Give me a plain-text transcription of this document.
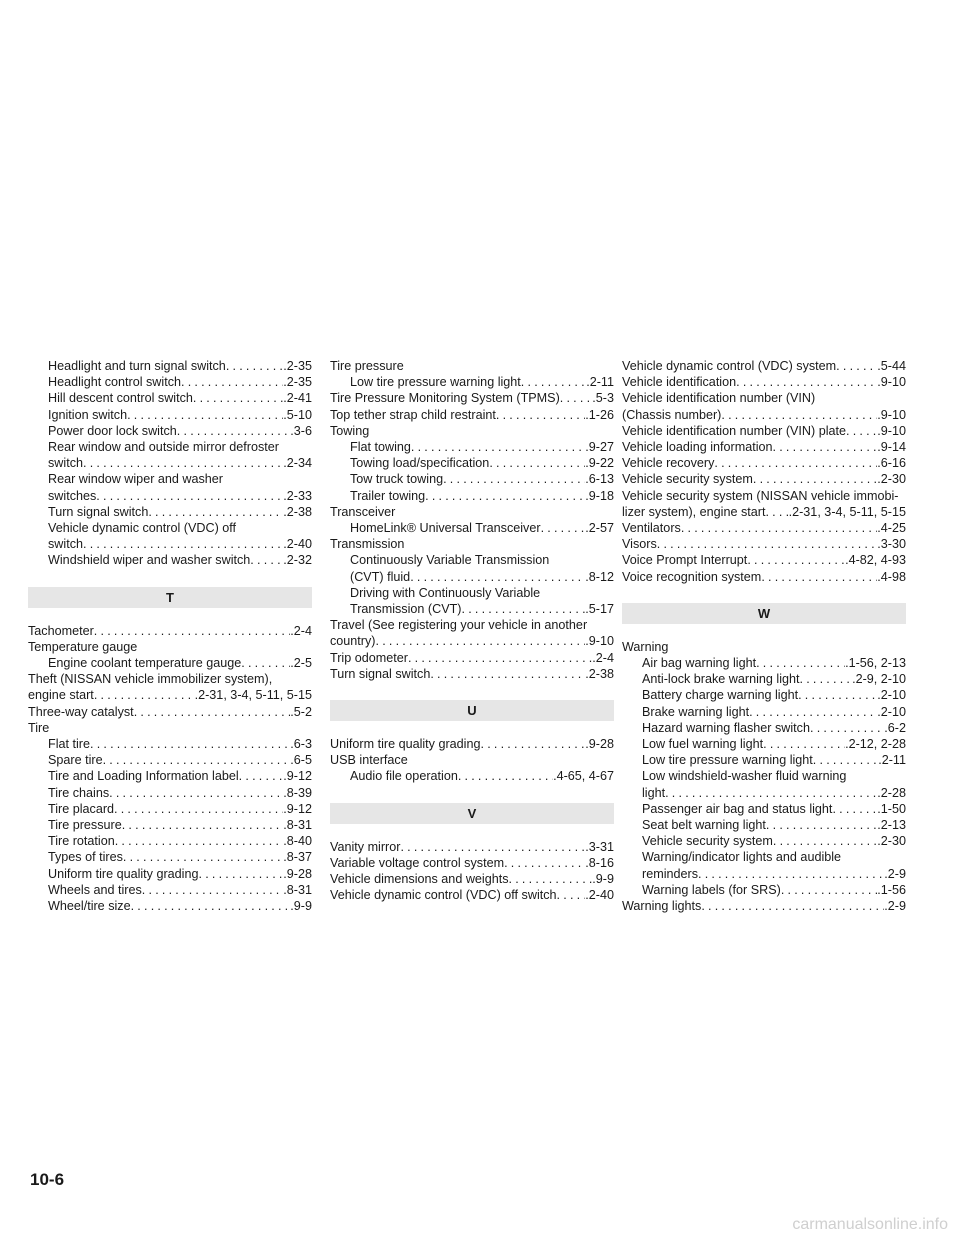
Headlight and turn signal switch .....	.2-35
Headlight control switch .....	.2-35
Hill descent control switch .....	.2-41
Ignition switch .....	.5-10
Power door lock switch .....	.3-6
Rear window and outside mirror defroster
switch .....	.2-34
Rear window wiper and washer
switches .....	.2-33
Turn signal switch .....	.2-38
Vehicle dynamic control (VDC) off
switch .....	.2-40
Windshield wiper and washer switch .....	.2-32
T
Tachometer .....	.2-4
Temperature gauge
Engine coolant temperature gauge .....	.2-5
Theft (NISSAN vehicle immobilizer system),
engine start .....	.2-31, 3-4, 5-11, 5-15
Three-way catalyst .....	.5-2
Tire
Flat tire .....	.6-3
Spare tire .....	.6-5
Tire and Loading Information label .....	.9-12
Tire chains .....	.8-39
Tire placard .....	.9-12
Tire pressure .....	.8-31
Tire rotation .....	.8-40
Types of tires .....	.8-37
Uniform tire quality grading .....	.9-28
Wheels and tires .....	.8-31
Wheel/tire size .....	.9-9
Tire pressure
Low tire pressure warning light .....	.2-11
Tire Pressure Monitoring System (TPMS) .....	.5-3
Top tether strap child restraint .....	.1-26
Towing
Flat towing .....	.9-27
Towing load/specification .....	.9-22
Tow truck towing .....	.6-13
Trailer towing .....	.9-18
Transceiver
HomeLink® Universal Transceiver .....	.2-57
Transmission
Continuously Variable Transmission
(CVT) fluid .....	.8-12
Driving with Continuously Variable
Transmission (CVT) .....	.5-17
Travel (See registering your vehicle in another
country) .....	.9-10
Trip odometer .....	.2-4
Turn signal switch .....	.2-38
U
Uniform tire quality grading .....	.9-28
USB interface
Audio file operation .....	.4-65, 4-67
V
Vanity mirror .....	.3-31
Variable voltage control system .....	.8-16
Vehicle dimensions and weights .....	.9-9
Vehicle dynamic control (VDC) off switch ..... .2-40
Vehicle dynamic control (VDC) system .....	.5-44
Vehicle identification .....	.9-10
Vehicle identification number (VIN)
(Chassis number) .....	.9-10
Vehicle identification number (VIN) plate ..... .9-10
Vehicle loading information .....	.9-14
Vehicle recovery .....	.6-16
Vehicle security system .....	.2-30
Vehicle security system (NISSAN vehicle immobi-
lizer system), engine start ..... .2-31, 3-4, 5-11, 5-15
Ventilators .....	.4-25
Visors .....	.3-30
Voice Prompt Interrupt .....	.4-82, 4-93
Voice recognition system .....	.4-98
W
Warning
Air bag warning light .....	.1-56, 2-13
Anti-lock brake warning light .....	.2-9, 2-10
Battery charge warning light .....	.2-10
Brake warning light .....	.2-10
Hazard warning flasher switch .....	.6-2
Low fuel warning light .....	.2-12, 2-28
Low tire pressure warning light .....	.2-11
Low windshield-washer fluid warning
light .....	.2-28
Passenger air bag and status light .....	.1-50
Seat belt warning light .....	.2-13
Vehicle security system .....	.2-30
Warning/indicator lights and audible
reminders .....	.2-9
Warning labels (for SRS) .....	.1-56
Warning lights .....	.2-9
10-6
carmanualsonline.info
